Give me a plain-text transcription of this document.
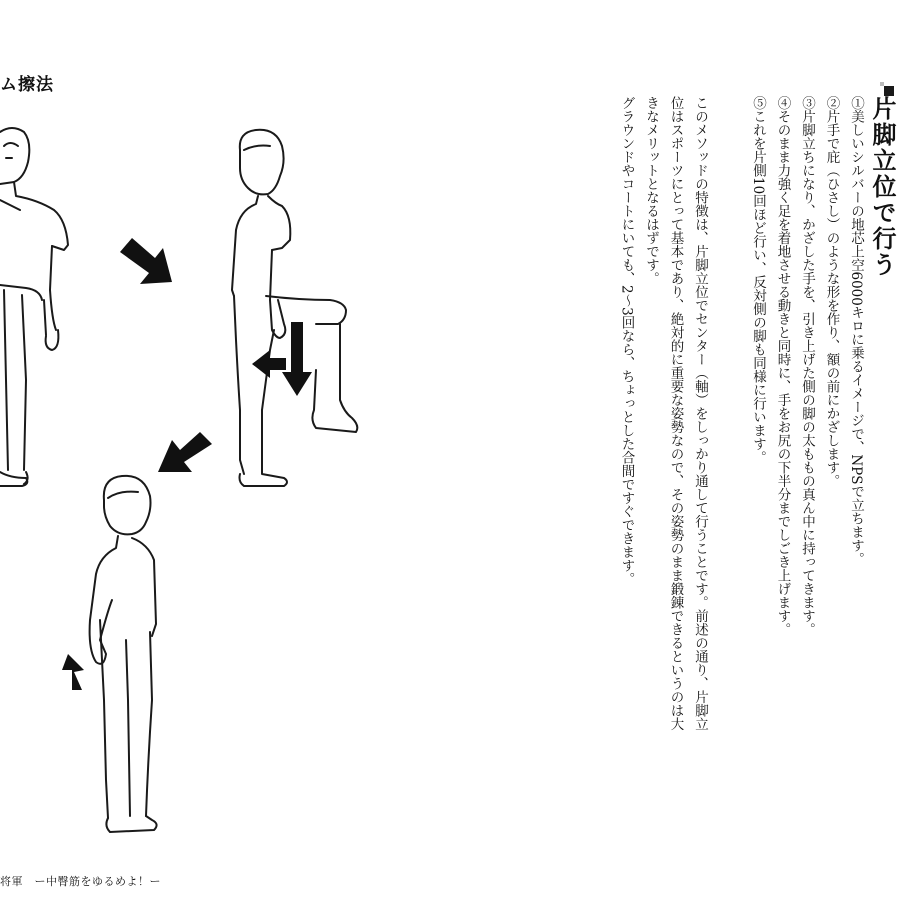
ム擦法
片脚立位で行う
①美しいシルバーの地芯上空6000キロに乗るイメージで、NPSで立ちます。
②片手で庇（ひさし）のような形を作り、額の前にかざします。
③片脚立ちになり、かざした手を、引き上げた側の脚の太ももの真ん中に持ってきます。
④そのまま力強く足を着地させる動きと同時に、手をお尻の下半分までしごき上げます。
⑤これを片側10回ほど行い、反対側の脚も同様に行います。
このメソッドの特徴は、片脚立位でセンター（軸）をしっかり通して行うことです。前述の通り、片脚立位はスポーツにとって基本であり、絶対的に重要な姿勢なので、その姿勢のまま鍛錬できるというのは大きなメリットとなるはずです。
グラウンドやコートにいても、2～3回なら、ちょっとした合間ですぐできます。
将軍　ー中臀筋をゆるめよ！ー
